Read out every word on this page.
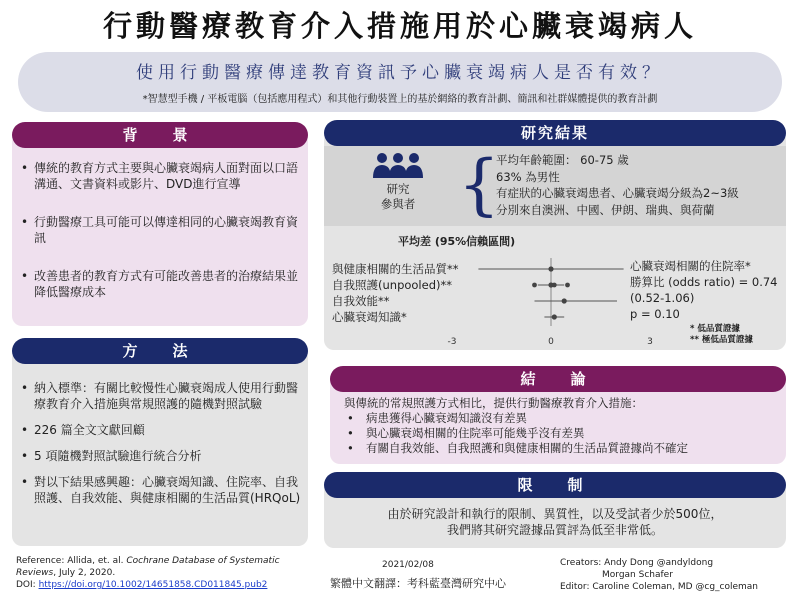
行動醫療教育介入措施用於心臟衰竭病人
使用行動醫療傳達教育資訊予心臟衰竭病人是否有效？
*智慧型手機 / 平板電腦（包括應用程式）和其他行動裝置上的基於網絡的教育計劃、簡訊和社群媒體提供的教育計劃
背　景
• 傳統的教育方式主要與心臟衰竭病人面對面以口語溝通、文書資料或影片、DVD進行宣導
• 行動醫療工具可能可以傳達相同的心臟衰竭教育資訊
• 改善患者的教育方式有可能改善患者的治療結果並降低醫療成本
方　法
• 納入標準：有關比較慢性心臟衰竭成人使用行動醫療教育介入措施與常規照護的隨機對照試驗
• 226 篇全文文獻回顧
• 5 項隨機對照試驗進行統合分析
• 對以下結果感興趣：心臟衰竭知識、住院率、自我照護、自我效能、與健康相關的生活品質(HRQoL)
研究結果
研究
參與者 {
平均年齡範圍： 60-75 歲
63% 為男性
有症狀的心臟衰竭患者、心臟衰竭分級為2~3級
分別來自澳洲、中國、伊朗、瑞典、與荷蘭
平均差 (95%信賴區間)
與健康相關的生活品質**
自我照護(unpooled)**
自我效能**
心臟衰竭知識*
-3	0	3
心臟衰竭相關的住院率*
勝算比 (odds ratio) = 0.74
(0.52-1.06)
p = 0.10
* 低品質證據
** 極低品質證據
結　論
與傳統的常規照護方式相比，提供行動醫療教育介入措施：
• 病患獲得心臟衰竭知識沒有差異
• 與心臟衰竭相關的住院率可能幾乎沒有差異
• 有關自我效能、自我照護和與健康相關的生活品質證據尚不確定
限　制
由於研究設計和執行的限制、異質性，以及受試者少於500位，
我們將其研究證據品質評為低至非常低。
Reference: Allida, et. al. Cochrane Database of Systematic Reviews, July 2, 2020.
DOI: https://doi.org/10.1002/14651858.CD011845.pub2
2021/02/08
繁體中文翻譯：考科藍臺灣研究中心
Creators: Andy Dong @andyldong
Morgan Schafer
Editor: Caroline Coleman, MD @cg_coleman
